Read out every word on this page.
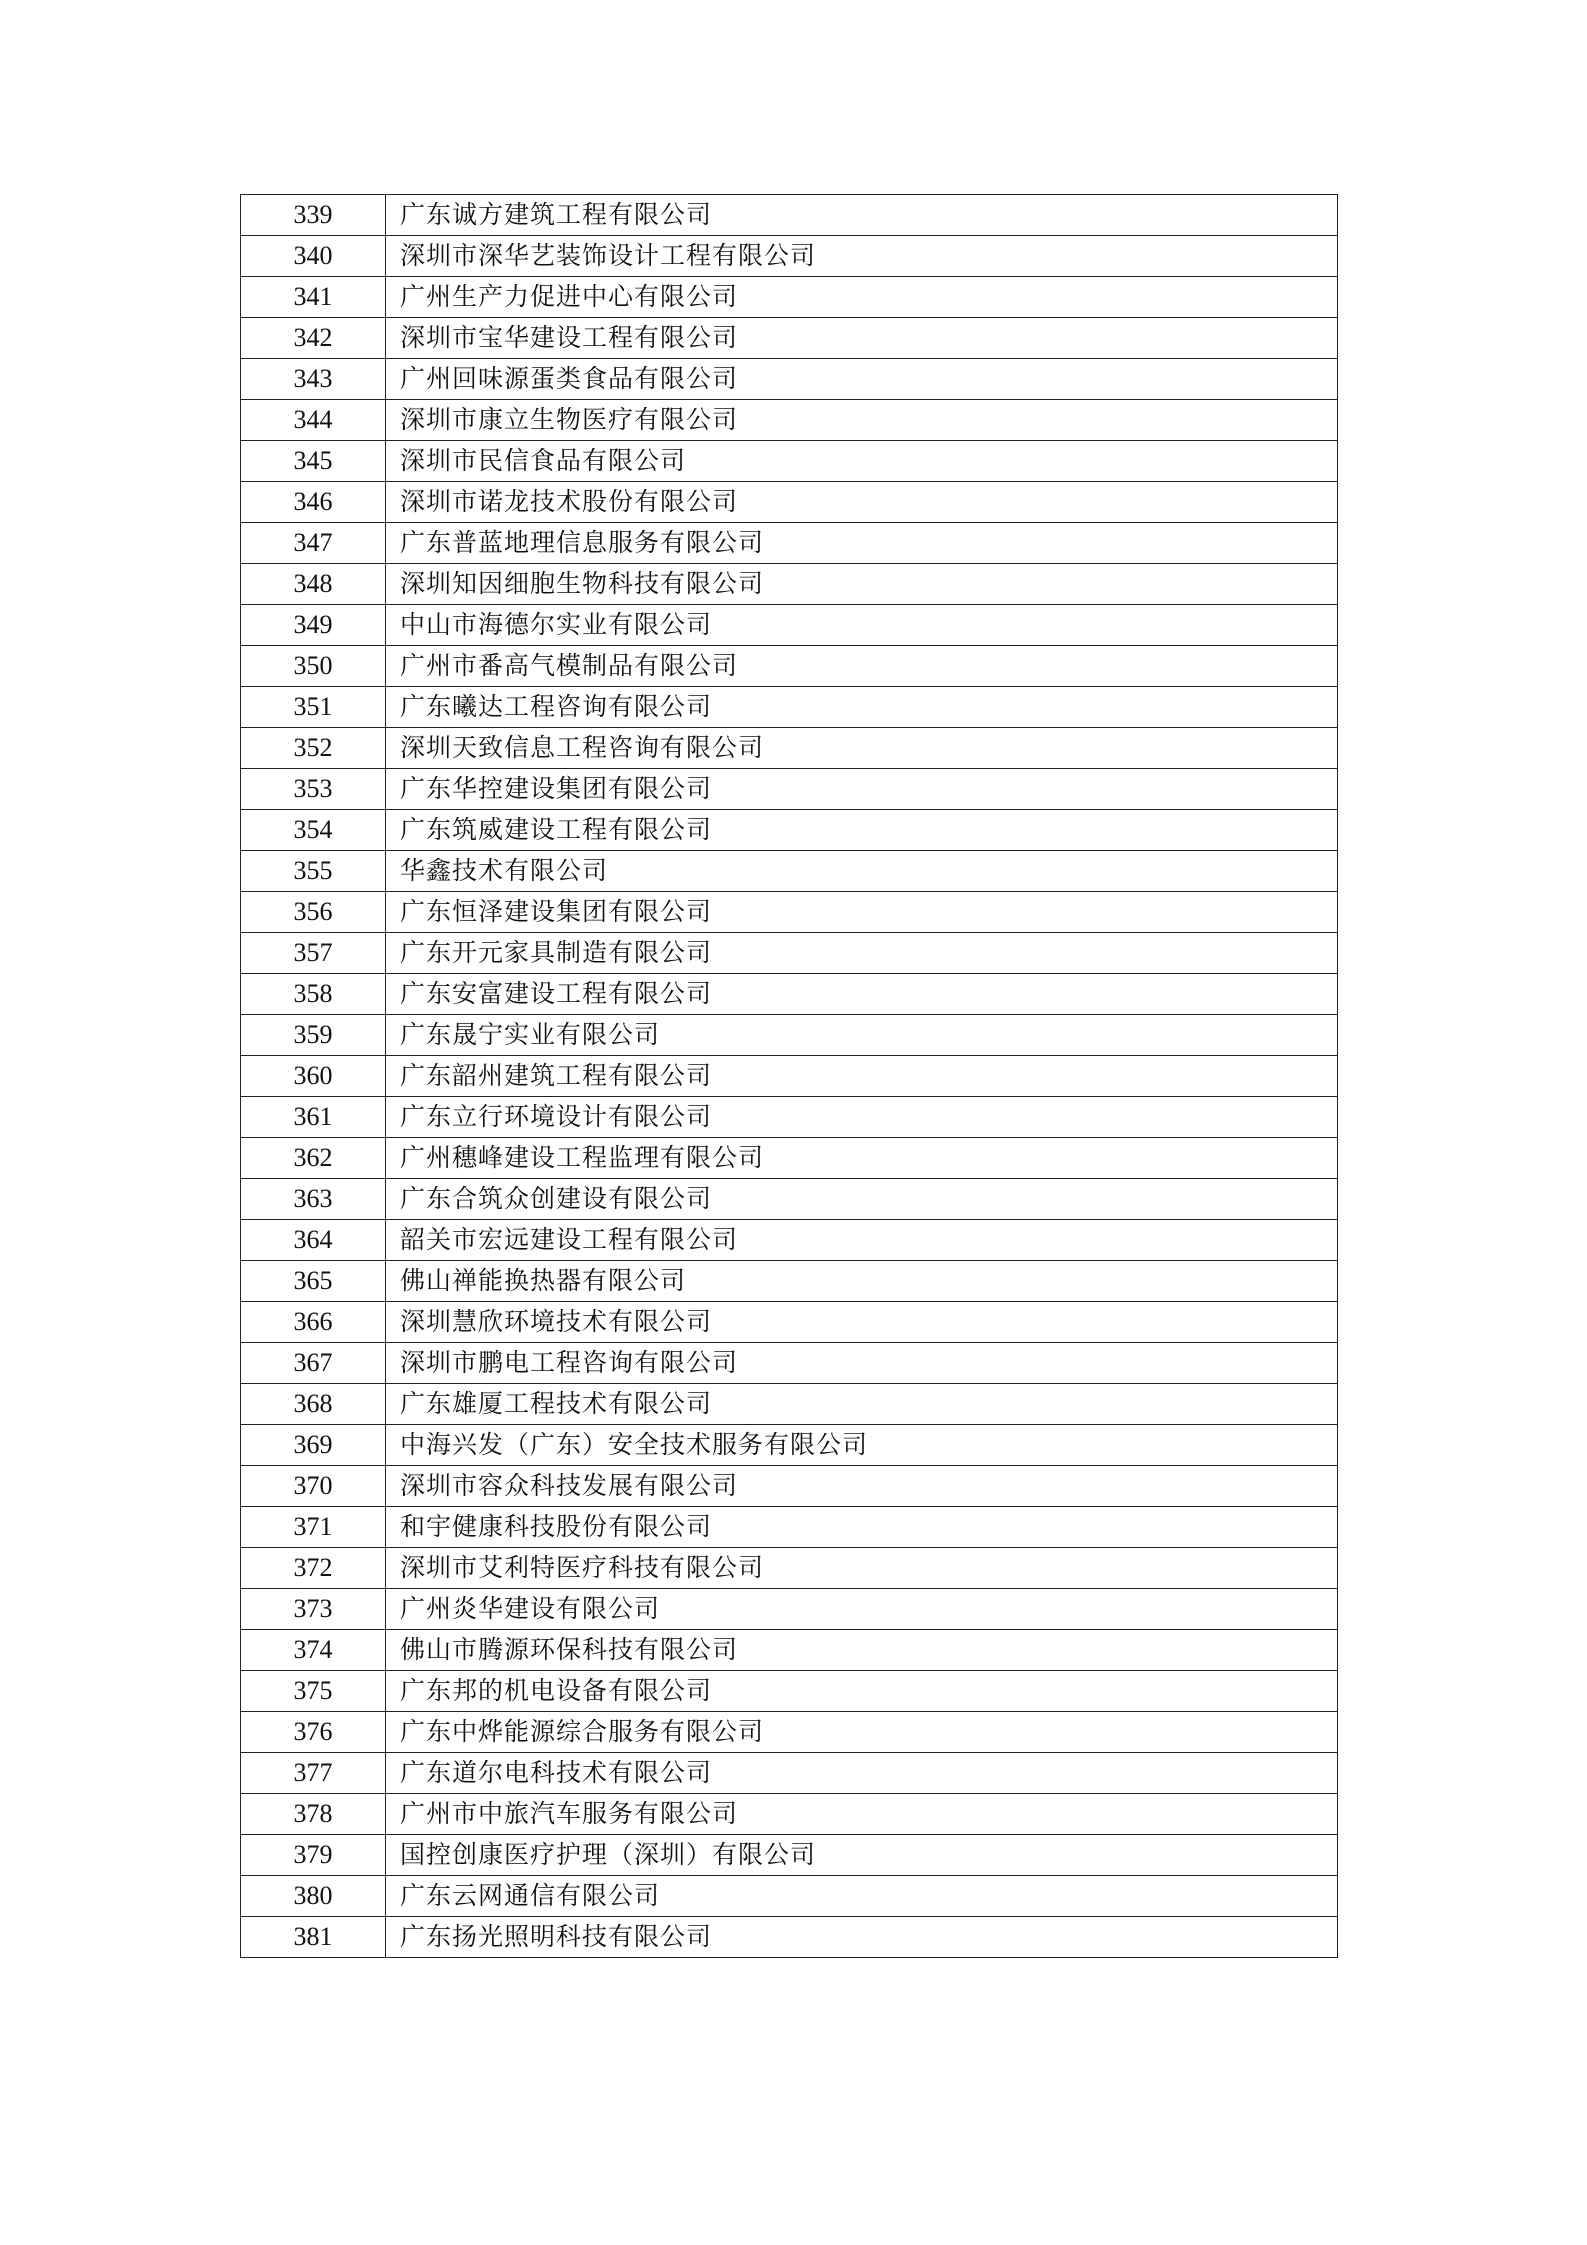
339	广东诚方建筑工程有限公司
340	深圳市深华艺装饰设计工程有限公司
341	广州生产力促进中心有限公司
342	深圳市宝华建设工程有限公司
343	广州回味源蛋类食品有限公司
344	深圳市康立生物医疗有限公司
345	深圳市民信食品有限公司
346	深圳市诺龙技术股份有限公司
347	广东普蓝地理信息服务有限公司
348	深圳知因细胞生物科技有限公司
349	中山市海德尔实业有限公司
350	广州市番高气模制品有限公司
351	广东曦达工程咨询有限公司
352	深圳天致信息工程咨询有限公司
353	广东华控建设集团有限公司
354	广东筑威建设工程有限公司
355	华鑫技术有限公司
356	广东恒泽建设集团有限公司
357	广东开元家具制造有限公司
358	广东安富建设工程有限公司
359	广东晟宁实业有限公司
360	广东韶州建筑工程有限公司
361	广东立行环境设计有限公司
362	广州穗峰建设工程监理有限公司
363	广东合筑众创建设有限公司
364	韶关市宏远建设工程有限公司
365	佛山禅能换热器有限公司
366	深圳慧欣环境技术有限公司
367	深圳市鹏电工程咨询有限公司
368	广东雄厦工程技术有限公司
369	中海兴发（广东）安全技术服务有限公司
370	深圳市容众科技发展有限公司
371	和宇健康科技股份有限公司
372	深圳市艾利特医疗科技有限公司
373	广州炎华建设有限公司
374	佛山市腾源环保科技有限公司
375	广东邦的机电设备有限公司
376	广东中烨能源综合服务有限公司
377	广东道尔电科技术有限公司
378	广州市中旅汽车服务有限公司
379	国控创康医疗护理（深圳）有限公司
380	广东云网通信有限公司
381	广东扬光照明科技有限公司
